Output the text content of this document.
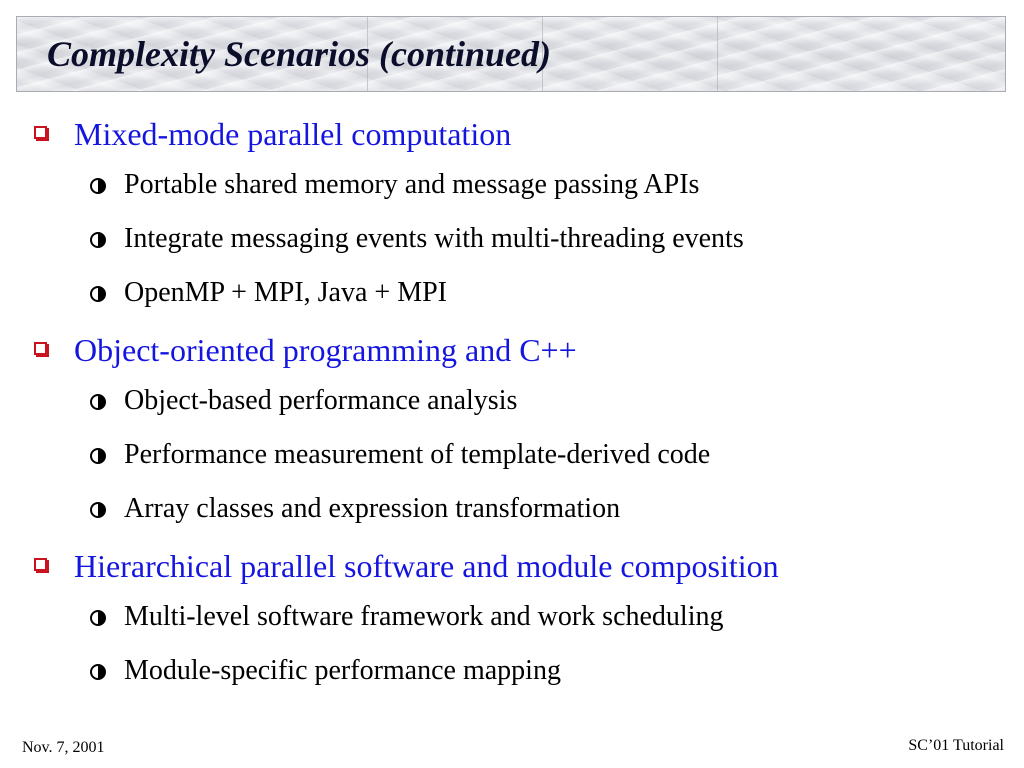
Complexity Scenarios (continued)
Mixed-mode parallel computation
Portable shared memory and message passing APIs
Integrate messaging events with multi-threading events
OpenMP + MPI, Java + MPI
Object-oriented programming and C++
Object-based performance analysis
Performance measurement of template-derived code
Array classes and expression transformation
Hierarchical parallel software and module composition
Multi-level software framework and work scheduling
Module-specific performance mapping
Nov. 7, 2001	SC’01 Tutorial
